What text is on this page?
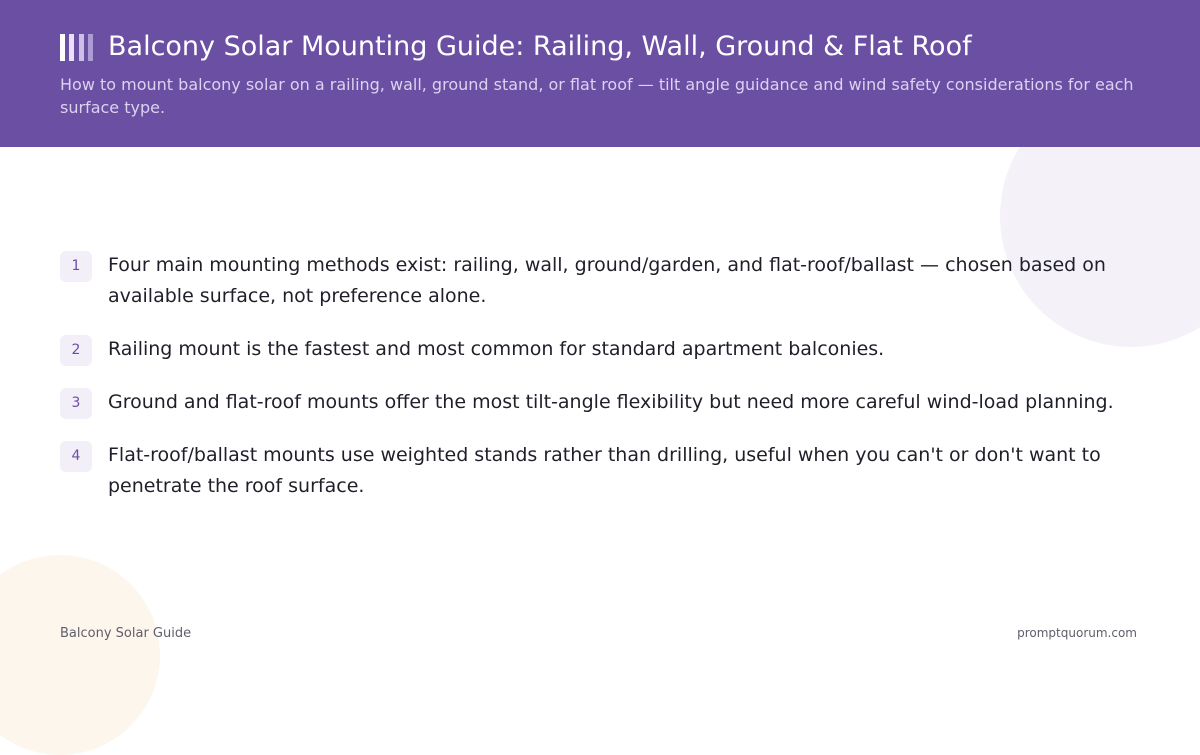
Balcony Solar Mounting Guide: Railing, Wall, Ground & Flat Roof

How to mount balcony solar on a railing, wall, ground stand, or flat roof — tilt angle guidance and wind safety considerations for each surface type.

1	Four main mounting methods exist: railing, wall, ground/garden, and flat-roof/ballast — chosen based on available surface, not preference alone.
2	Railing mount is the fastest and most common for standard apartment balconies.
3	Ground and flat-roof mounts offer the most tilt-angle flexibility but need more careful wind-load planning.
4	Flat-roof/ballast mounts use weighted stands rather than drilling, useful when you can't or don't want to penetrate the roof surface.
Balcony Solar Guide	promptquorum.com
